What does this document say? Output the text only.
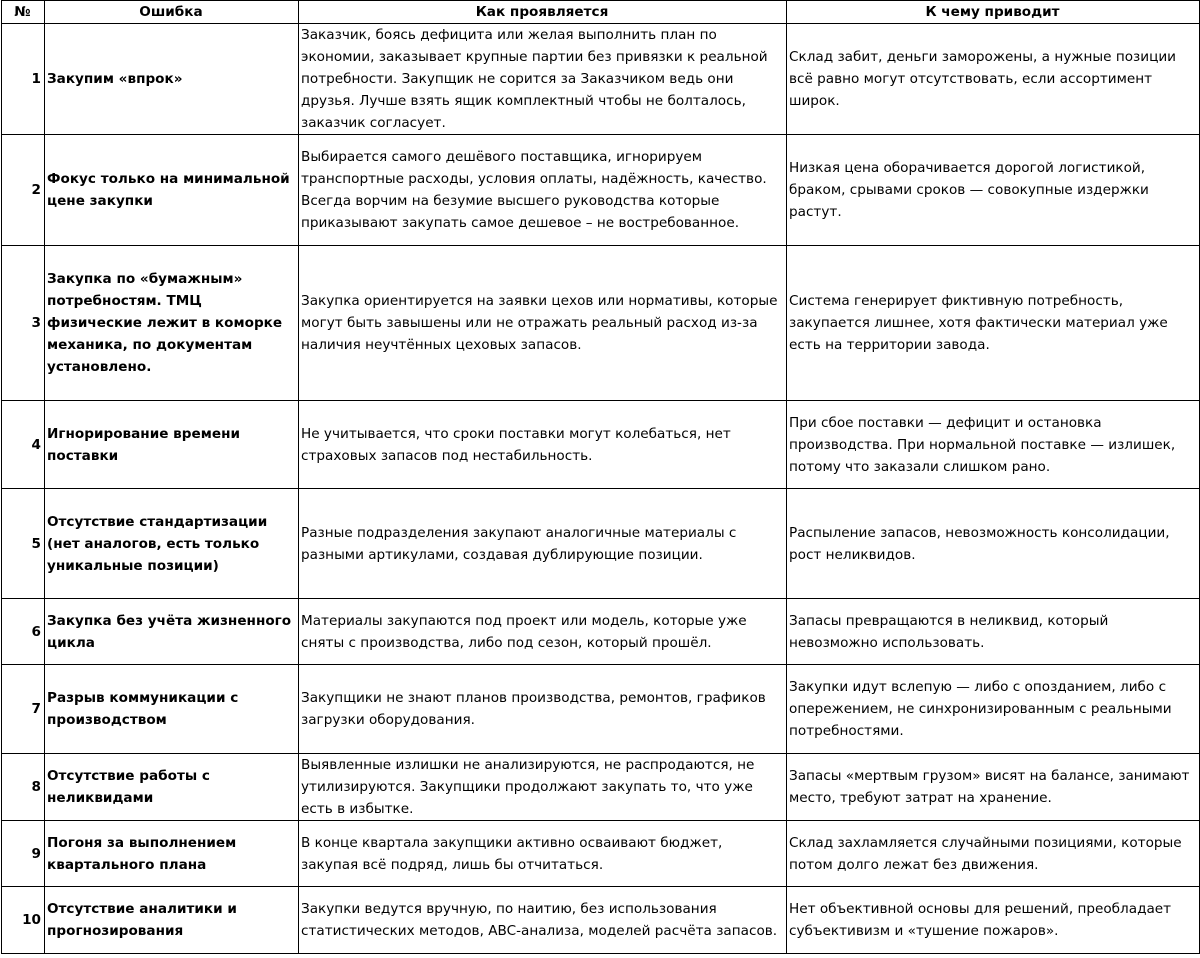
№	Ошибка	Как проявляется	К чему приводит
1	Закупим «впрок»	Заказчик, боясь дефицита или желая выполнить план по экономии, заказывает крупные партии без привязки к реальной потребности. Закупщик не сорится за Заказчиком ведь они друзья. Лучше взять ящик комплектный чтобы не болталось, заказчик согласует.	Склад забит, деньги заморожены, а нужные позиции всё равно могут отсутствовать, если ассортимент широк.
2	Фокус только на минимальной цене закупки	Выбирается самого дешёвого поставщика, игнорируем транспортные расходы, условия оплаты, надёжность, качество. Всегда ворчим на безумие высшего руководства которые приказывают закупать самое дешевое – не востребованное.	Низкая цена оборачивается дорогой логистикой, браком, срывами сроков — совокупные издержки растут.
3	Закупка по «бумажным» потребностям. ТМЦ физические лежит в коморке механика, по документам установлено.	Закупка ориентируется на заявки цехов или нормативы, которые могут быть завышены или не отражать реальный расход из-за наличия неучтённых цеховых запасов.	Система генерирует фиктивную потребность, закупается лишнее, хотя фактически материал уже есть на территории завода.
4	Игнорирование времени поставки	Не учитывается, что сроки поставки могут колебаться, нет страховых запасов под нестабильность.	При сбое поставки — дефицит и остановка производства. При нормальной поставке — излишек, потому что заказали слишком рано.
5	Отсутствие стандартизации (нет аналогов, есть только уникальные позиции)	Разные подразделения закупают аналогичные материалы с разными артикулами, создавая дублирующие позиции.	Распыление запасов, невозможность консолидации, рост неликвидов.
6	Закупка без учёта жизненного цикла	Материалы закупаются под проект или модель, которые уже сняты с производства, либо под сезон, который прошёл.	Запасы превращаются в неликвид, который невозможно использовать.
7	Разрыв коммуникации с производством	Закупщики не знают планов производства, ремонтов, графиков загрузки оборудования.	Закупки идут вслепую — либо с опозданием, либо с опережением, не синхронизированным с реальными потребностями.
8	Отсутствие работы с неликвидами	Выявленные излишки не анализируются, не распродаются, не утилизируются. Закупщики продолжают закупать то, что уже есть в избытке.	Запасы «мертвым грузом» висят на балансе, занимают место, требуют затрат на хранение.
9	Погоня за выполнением квартального плана	В конце квартала закупщики активно осваивают бюджет, закупая всё подряд, лишь бы отчитаться.	Склад захламляется случайными позициями, которые потом долго лежат без движения.
10	Отсутствие аналитики и прогнозирования	Закупки ведутся вручную, по наитию, без использования статистических методов, ABC-анализа, моделей расчёта запасов.	Нет объективной основы для решений, преобладает субъективизм и «тушение пожаров».
